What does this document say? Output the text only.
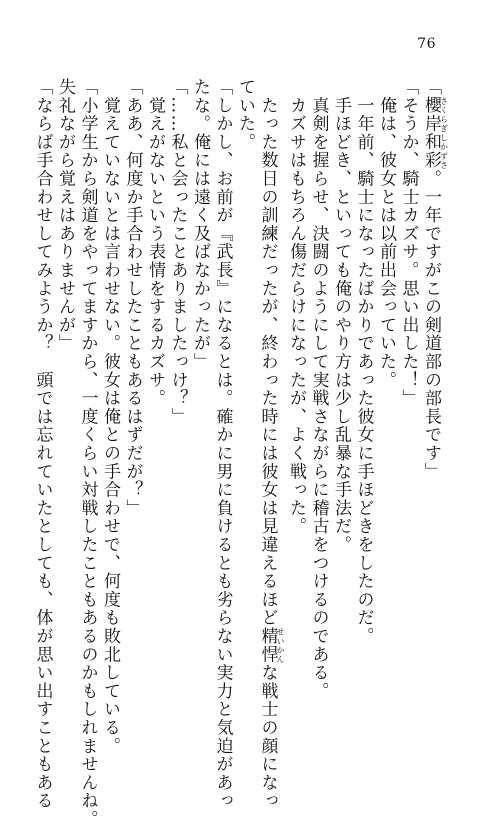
76
「櫻岸和彩さくらぎしかずさ。一年ですがこの剣道部の部長です」
「そうか、騎士カズサ。思い出した！」
　俺は、彼女とは以前出会っていた。
　一年前、騎士になったばかりであった彼女に手ほどきをしたのだ。
　手ほどき、といっても俺のやり方は少し乱暴な手法だ。
　真剣を握らせ、決闘のようにして実戦さながらに稽古をつけるのである。
　カズサはもちろん傷だらけになったが、よく戦った。
　たった数日の訓練だったが、終わった時には彼女は見違えるほど精悍せいかんな戦士の顔になっ
ていた。
「しかし、お前が『武長』になるとは。確かに男に負けるとも劣らない実力と気迫があっ
たな。俺には遠く及ばなかったが」
「……私と会ったことありましたっけ？」
　覚えがないという表情をするカズサ。
「ああ、何度か手合わせしたこともあるはずだが？」
　覚えていないとは言わせない。彼女は俺との手合わせで、何度も敗北している。
「小学生から剣道をやってますから、一度くらい対戦したこともあるのかもしれませんね。
失礼ながら覚えはありませんが」
「ならば手合わせしてみようか？　頭では忘れていたとしても、体が思い出すこともある
